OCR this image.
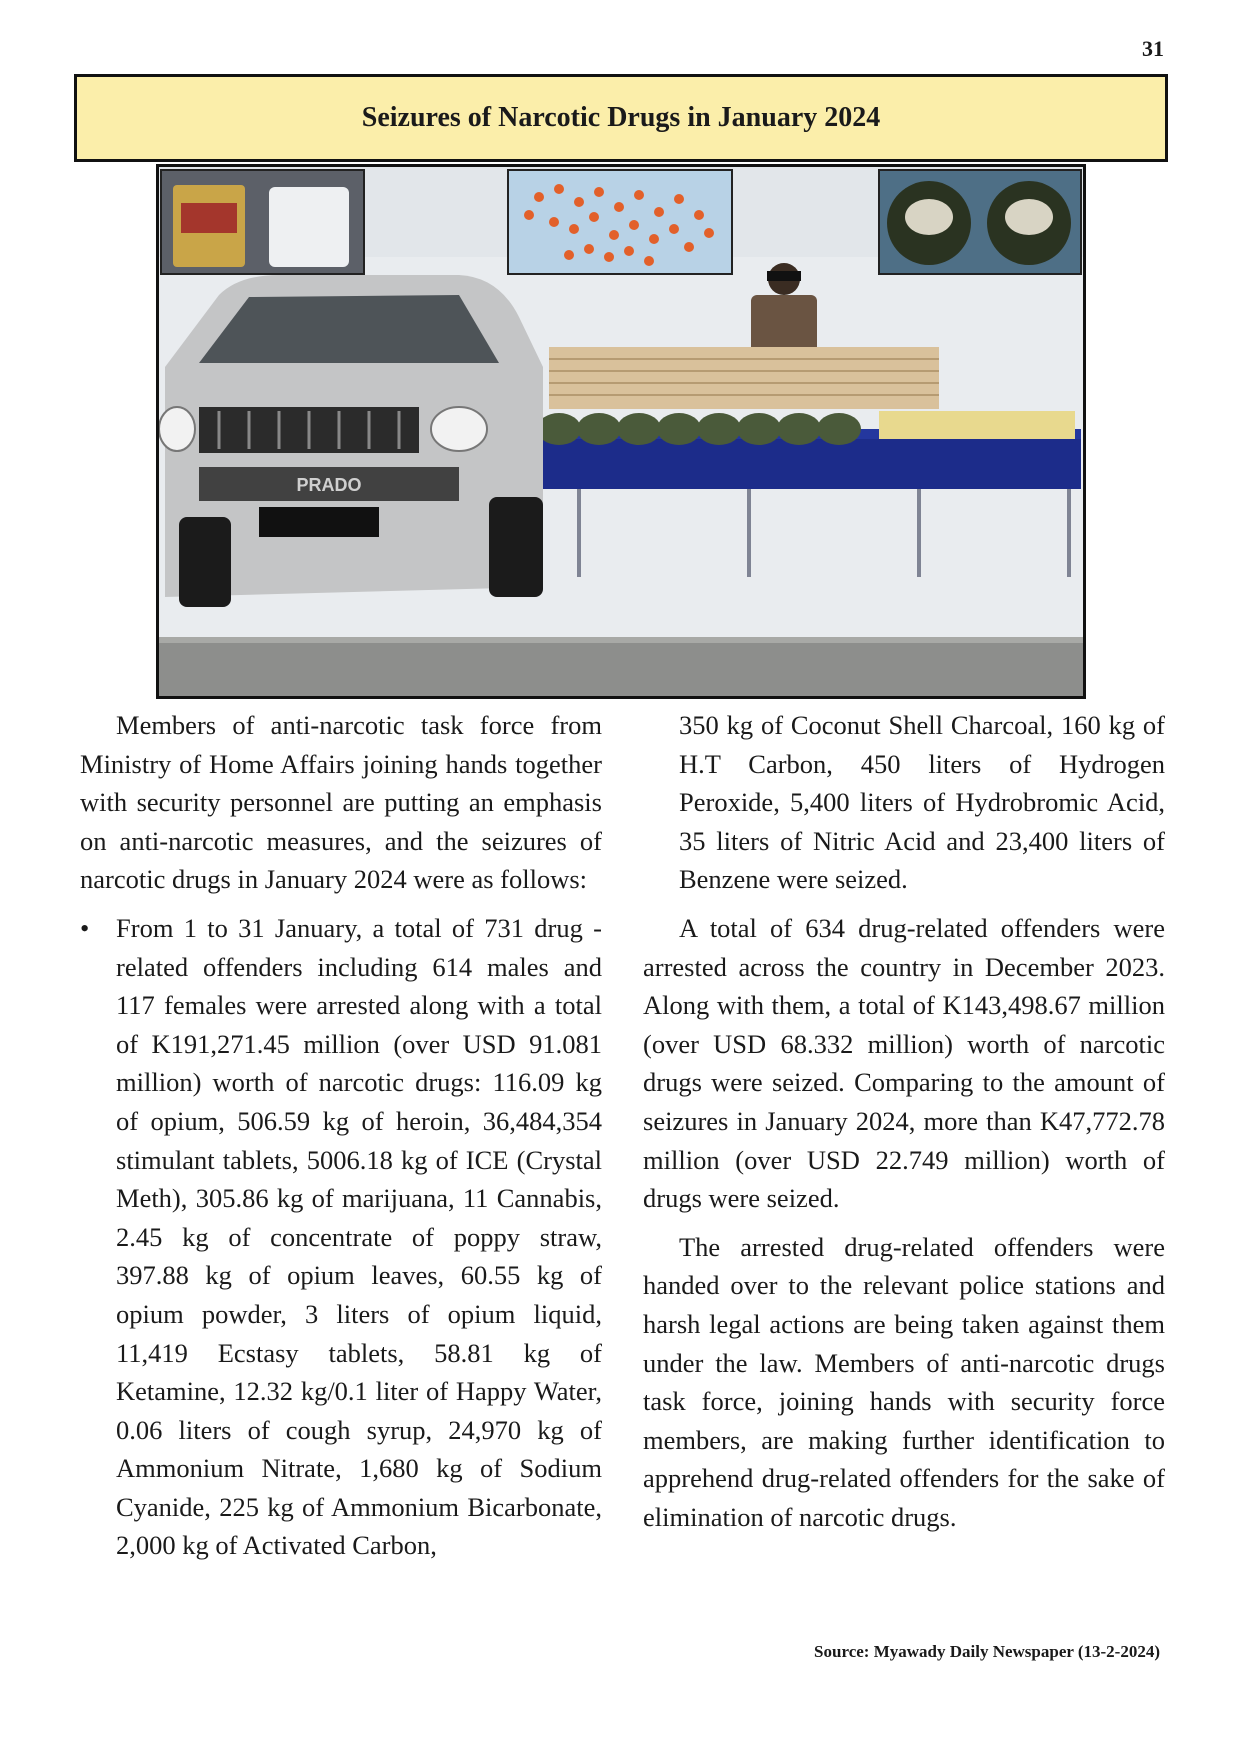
31
Seizures of Narcotic Drugs in January 2024
PRADO

Members of anti-narcotic task force from Ministry of Home Affairs joining hands together with security personnel are putting an emphasis on anti-narcotic measures, and the seizures of narcotic drugs in January 2024 were as follows:

• From 1 to 31 January, a total of 731 drug -related offenders including 614 males and 117 females were arrested along with a total of K191,271.45 million (over USD 91.081 million) worth of narcotic drugs: 116.09 kg of opium, 506.59 kg of heroin, 36,484,354 stimulant tablets, 5006.18 kg of ICE (Crystal Meth), 305.86 kg of marijuana, 11 Cannabis, 2.45 kg of concentrate of poppy straw, 397.88 kg of opium leaves, 60.55 kg of opium powder, 3 liters of opium liquid, 11,419 Ecstasy tablets, 58.81 kg of Ketamine, 12.32 kg/0.1 liter of Happy Water, 0.06 liters of cough syrup, 24,970 kg of Ammonium Nitrate, 1,680 kg of Sodium Cyanide, 225 kg of Ammonium Bicarbonate, 2,000 kg of Activated Carbon,

350 kg of Coconut Shell Charcoal, 160 kg of H.T Carbon, 450 liters of Hydrogen Peroxide, 5,400 liters of Hydrobromic Acid, 35 liters of Nitric Acid and 23,400 liters of Benzene were seized.

A total of 634 drug-related offenders were arrested across the country in December 2023. Along with them, a total of K143,498.67 million (over USD 68.332 million) worth of narcotic drugs were seized. Comparing to the amount of seizures in January 2024, more than K47,772.78 million (over USD 22.749 million) worth of drugs were seized.

The arrested drug-related offenders were handed over to the relevant police stations and harsh legal actions are being taken against them under the law. Members of anti-narcotic drugs task force, joining hands with security force members, are making further identification to apprehend drug-related offenders for the sake of elimination of narcotic drugs.

Source: Myawady Daily Newspaper (13-2-2024)
